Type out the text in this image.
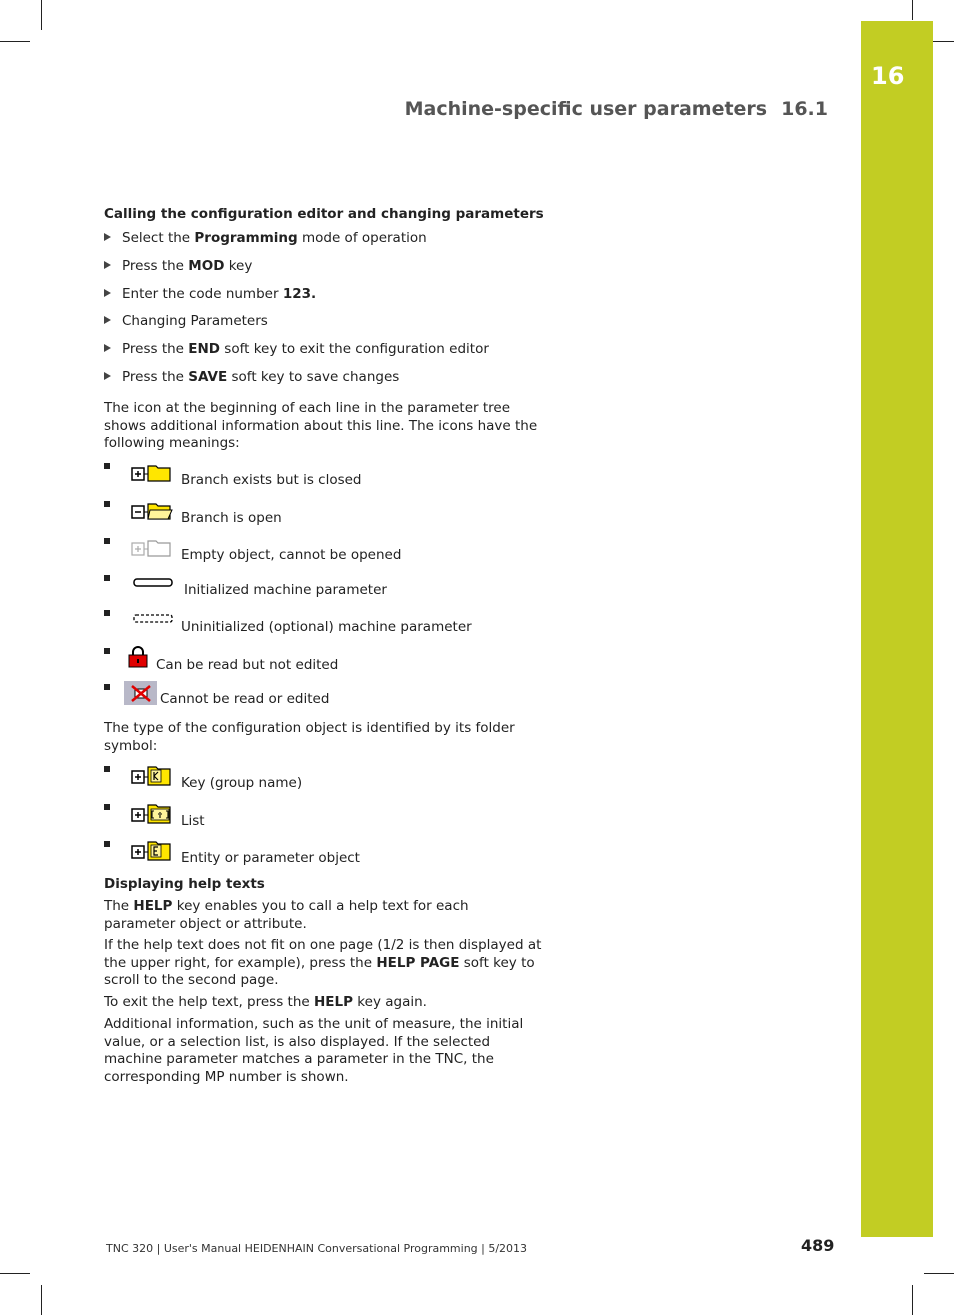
16
Machine-specific user parameters 16.1
Calling the configuration editor and changing parameters
Select the Programming mode of operation
Press the MOD key
Enter the code number 123.
Changing Parameters
Press the END soft key to exit the configuration editor
Press the SAVE soft key to save changes
The icon at the beginning of each line in the parameter tree shows additional information about this line. The icons have the following meanings:
Branch exists but is closed
Branch is open
Empty object, cannot be opened
Initialized machine parameter
Uninitialized (optional) machine parameter
Can be read but not edited
Cannot be read or edited
The type of the configuration object is identified by its folder symbol:
Key (group name)
List
Entity or parameter object
Displaying help texts
The HELP key enables you to call a help text for each parameter object or attribute.
If the help text does not fit on one page (1/2 is then displayed at the upper right, for example), press the HELP PAGE soft key to scroll to the second page.
To exit the help text, press the HELP key again.
Additional information, such as the unit of measure, the initial value, or a selection list, is also displayed. If the selected machine parameter matches a parameter in the TNC, the corresponding MP number is shown.
TNC 320 | User's Manual HEIDENHAIN Conversational Programming | 5/2013	489
